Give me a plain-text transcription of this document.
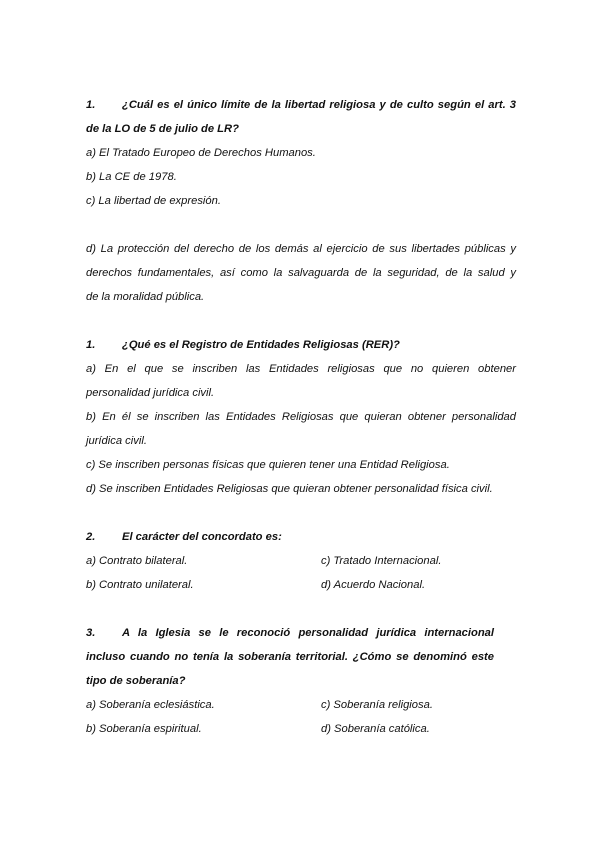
1. ¿Cuál es el único límite de la libertad religiosa y de culto según el art. 3
de la LO de 5 de julio de LR?
a) El Tratado Europeo de Derechos Humanos.
b) La CE de 1978.
c) La libertad de expresión.
d) La protección del derecho de los demás al ejercicio de sus libertades públicas y
derechos fundamentales, así como la salvaguarda de la seguridad, de la salud y
de la moralidad pública.
1. ¿Qué es el Registro de Entidades Religiosas (RER)?
a) En el que se inscriben las Entidades religiosas que no quieren obtener
personalidad jurídica civil.
b) En él se inscriben las Entidades Religiosas que quieran obtener personalidad
jurídica civil.
c) Se inscriben personas físicas que quieren tener una Entidad Religiosa.
d) Se inscriben Entidades Religiosas que quieran obtener personalidad física civil.
2. El carácter del concordato es:
a) Contrato bilateral.	c) Tratado Internacional.
b) Contrato unilateral.	d) Acuerdo Nacional.
3. A la Iglesia se le reconoció personalidad jurídica internacional
incluso cuando no tenía la soberanía territorial. ¿Cómo se denominó este
tipo de soberanía?
a) Soberanía eclesiástica.	c) Soberanía religiosa.
b) Soberanía espiritual.	d) Soberanía católica.
